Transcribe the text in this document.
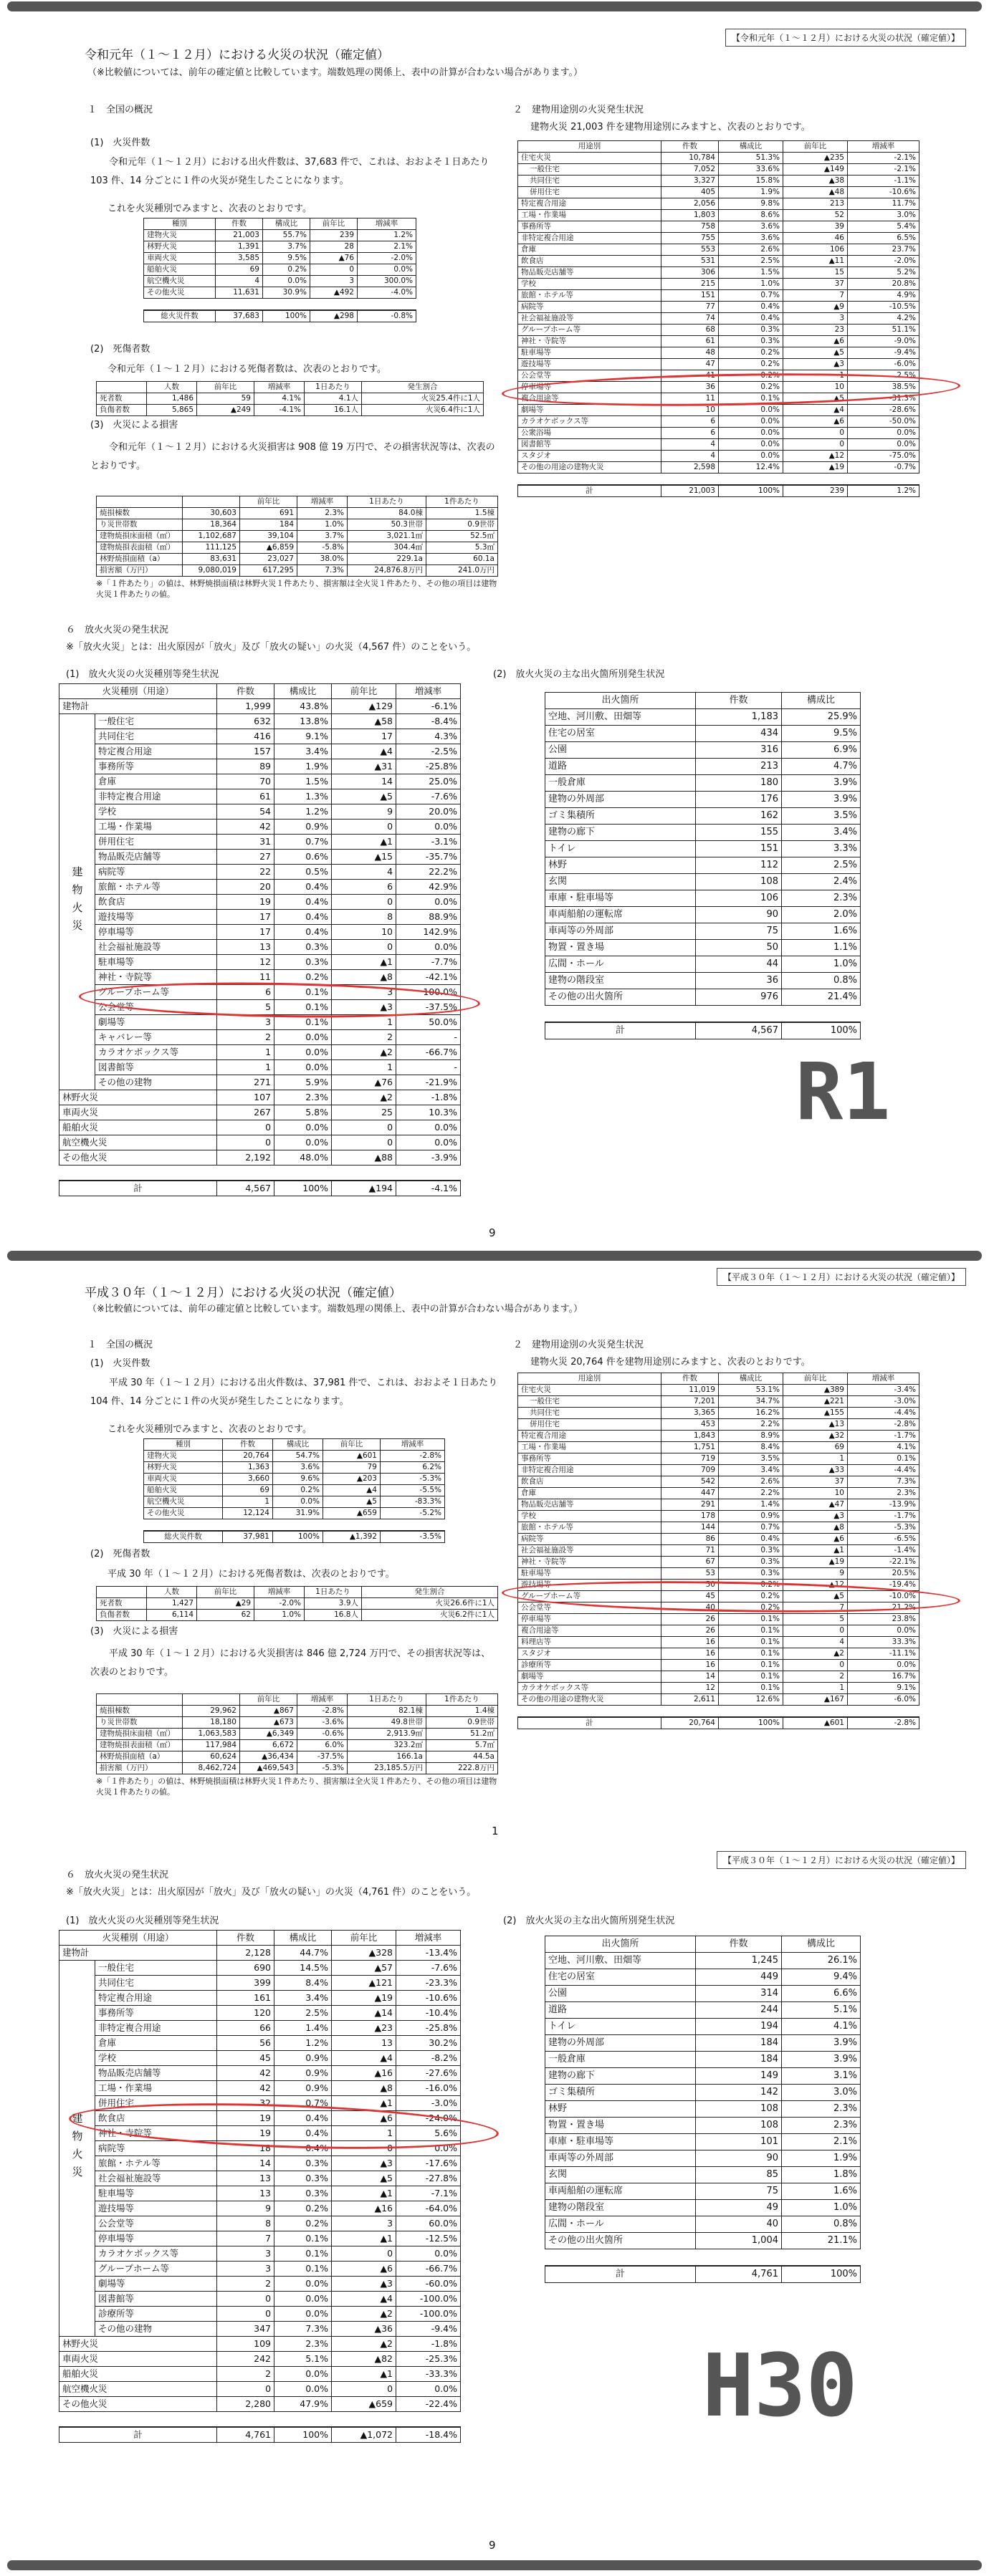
【令和元年（１〜１２月）における火災の状況（確定値）】
令和元年（１〜１２月）における火災の状況（確定値）
（※比較値については、前年の確定値と比較しています。端数処理の関係上、表中の計算が合わない場合があります。）
１　全国の概況
(1)　火災件数
令和元年（１〜１２月）における出火件数は、37,683 件で、これは、おおよそ１日あたり 103 件、14 分ごとに１件の火災が発生したことになります。
これを火災種別でみますと、次表のとおりです。
種別	件数	構成比	前年比	増減率
建物火災	21,003	55.7%	239	1.2%
林野火災	1,391	3.7%	28	2.1%
車両火災	3,585	9.5%	▲76	-2.0%
船舶火災	69	0.2%	0	0.0%
航空機火災	4	0.0%	3	300.0%
その他火災	11,631	30.9%	▲492	-4.0%

総火災件数	37,683	100%	▲298	-0.8%
(2)　死傷者数
令和元年（１〜１２月）における死傷者数は、次表のとおりです。
	人数	前年比	増減率	1日あたり	発生割合
死者数	1,486	59	4.1%	4.1人	火災25.4件に1人
負傷者数	5,865	▲249	-4.1%	16.1人	火災6.4件に1人
(3)　火災による損害
令和元年（１〜１２月）における火災損害は 908 億 19 万円で、その損害状況等は、次表のとおりです。
		前年比	増減率	1日あたり	1件あたり
焼損棟数	30,603	691	2.3%	84.0棟	1.5棟
り災世帯数	18,364	184	1.0%	50.3世帯	0.9世帯
建物焼損床面積（㎡）	1,102,687	39,104	3.7%	3,021.1㎡	52.5㎡
建物焼損表面積（㎡）	111,125	▲6,859	-5.8%	304.4㎡	5.3㎡
林野焼損面積（a）	83,631	23,027	38.0%	229.1a	60.1a
損害額（万円）	9,080,019	617,295	7.3%	24,876.8万円	241.0万円
※「１件あたり」の値は、林野焼損面積は林野火災１件あたり、損害額は全火災１件あたり、その他の項目は建物火災１件あたりの値。
２　建物用途別の火災発生状況
建物火災 21,003 件を建物用途別にみますと、次表のとおりです。
用途別	件数	構成比	前年比	増減率
住宅火災	10,784	51.3%	▲235	-2.1%
一般住宅	7,052	33.6%	▲149	-2.1%
共同住宅	3,327	15.8%	▲38	-1.1%
併用住宅	405	1.9%	▲48	-10.6%
特定複合用途	2,056	9.8%	213	11.7%
工場・作業場	1,803	8.6%	52	3.0%
事務所等	758	3.6%	39	5.4%
非特定複合用途	755	3.6%	46	6.5%
倉庫	553	2.6%	106	23.7%
飲食店	531	2.5%	▲11	-2.0%
物品販売店舗等	306	1.5%	15	5.2%
学校	215	1.0%	37	20.8%
旅館・ホテル等	151	0.7%	7	4.9%
病院等	77	0.4%	▲9	-10.5%
社会福祉施設等	74	0.4%	3	4.2%
グループホーム等	68	0.3%	23	51.1%
神社・寺院等	61	0.3%	▲6	-9.0%
駐車場等	48	0.2%	▲5	-9.4%
遊技場等	47	0.2%	▲3	-6.0%
公会堂等	41	0.2%	1	2.5%
停車場等	36	0.2%	10	38.5%
複合用途等	11	0.1%	▲5	-31.3%
劇場等	10	0.0%	▲4	-28.6%
カラオケボックス等	6	0.0%	▲6	-50.0%
公衆浴場	6	0.0%	0	0.0%
図書館等	4	0.0%	0	0.0%
スタジオ	4	0.0%	▲12	-75.0%
その他の用途の建物火災	2,598	12.4%	▲19	-0.7%

計	21,003	100%	239	1.2%
６　放火火災の発生状況
※「放火火災」とは：出火原因が「放火」及び「放火の疑い」の火災（4,567 件）のことをいう。
(1)　放火火災の火災種別等発生状況
火災種別（用途）		件数	構成比	前年比	増減率
建物計		1,999	43.8%	▲129	-6.1%

建物火災	一般住宅	632	13.8%	▲58	-8.4%
	共同住宅	416	9.1%	17	4.3%
	特定複合用途	157	3.4%	▲4	-2.5%
	事務所等	89	1.9%	▲31	-25.8%
	倉庫	70	1.5%	14	25.0%
	非特定複合用途	61	1.3%	▲5	-7.6%
	学校	54	1.2%	9	20.0%
	工場・作業場	42	0.9%	0	0.0%
	併用住宅	31	0.7%	▲1	-3.1%
	物品販売店舗等	27	0.6%	▲15	-35.7%
	病院等	22	0.5%	4	22.2%
	旅館・ホテル等	20	0.4%	6	42.9%
	飲食店	19	0.4%	0	0.0%
	遊技場等	17	0.4%	8	88.9%
	停車場等	17	0.4%	10	142.9%
	社会福祉施設等	13	0.3%	0	0.0%
	駐車場等	12	0.3%	▲1	-7.7%
	神社・寺院等	11	0.2%	▲8	-42.1%
	グループホーム等	6	0.1%	3	100.0%
	公会堂等	5	0.1%	▲3	-37.5%
	劇場等	3	0.1%	1	50.0%
	キャバレー等	2	0.0%	2	-
	カラオケボックス等	1	0.0%	▲2	-66.7%
	図書館等	1	0.0%	1	-
	その他の建物	271	5.9%	▲76	-21.9%
林野火災		107	2.3%	▲2	-1.8%
車両火災		267	5.8%	25	10.3%
船舶火災		0	0.0%	0	0.0%
航空機火災		0	0.0%	0	0.0%
その他火災		2,192	48.0%	▲88	-3.9%

計		4,567	100%	▲194	-4.1%
(2)　放火火災の主な出火箇所別発生状況
出火箇所	件数	構成比
空地、河川敷、田畑等	1,183	25.9%
住宅の居室	434	9.5%
公園	316	6.9%
道路	213	4.7%
一般倉庫	180	3.9%
建物の外周部	176	3.9%
ゴミ集積所	162	3.5%
建物の廊下	155	3.4%
トイレ	151	3.3%
林野	112	2.5%
玄関	108	2.4%
車庫・駐車場等	106	2.3%
車両船舶の運転席	90	2.0%
車両等の外周部	75	1.6%
物置・置き場	50	1.1%
広間・ホール	44	1.0%
建物の階段室	36	0.8%
その他の出火箇所	976	21.4%

計	4,567	100%
R1
9
【平成３０年（１〜１２月）における火災の状況（確定値）】
平成３０年（１〜１２月）における火災の状況（確定値）
（※比較値については、前年の確定値と比較しています。端数処理の関係上、表中の計算が合わない場合があります。）
１　全国の概況
(1)　火災件数
平成 30 年（１〜１２月）における出火件数は、37,981 件で、これは、おおよそ１日あたり 104 件、14 分ごとに１件の火災が発生したことになります。
これを火災種別でみますと、次表のとおりです。
種別	件数	構成比	前年比	増減率
建物火災	20,764	54.7%	▲601	-2.8%
林野火災	1,363	3.6%	79	6.2%
車両火災	3,660	9.6%	▲203	-5.3%
船舶火災	69	0.2%	▲4	-5.5%
航空機火災	1	0.0%	▲5	-83.3%
その他火災	12,124	31.9%	▲659	-5.2%

総火災件数	37,981	100%	▲1,392	-3.5%
(2)　死傷者数
平成 30 年（１〜１２月）における死傷者数は、次表のとおりです。
	人数	前年比	増減率	1日あたり	発生割合
死者数	1,427	▲29	-2.0%	3.9人	火災26.6件に1人
負傷者数	6,114	62	1.0%	16.8人	火災6.2件に1人
(3)　火災による損害
平成 30 年（１〜１２月）における火災損害は 846 億 2,724 万円で、その損害状況等は、次表のとおりです。
		前年比	増減率	1日あたり	1件あたり
焼損棟数	29,962	▲867	-2.8%	82.1棟	1.4棟
り災世帯数	18,180	▲673	-3.6%	49.8世帯	0.9世帯
建物焼損床面積（㎡）	1,063,583	▲6,349	-0.6%	2,913.9㎡	51.2㎡
建物焼損表面積（㎡）	117,984	6,672	6.0%	323.2㎡	5.7㎡
林野焼損面積（a）	60,624	▲36,434	-37.5%	166.1a	44.5a
損害額（万円）	8,462,724	▲469,543	-5.3%	23,185.5万円	222.8万円
※「１件あたり」の値は、林野焼損面積は林野火災１件あたり、損害額は全火災１件あたり、その他の項目は建物火災１件あたりの値。
２　建物用途別の火災発生状況
建物火災 20,764 件を建物用途別にみますと、次表のとおりです。
用途別	件数	構成比	前年比	増減率
住宅火災	11,019	53.1%	▲389	-3.4%
一般住宅	7,201	34.7%	▲221	-3.0%
共同住宅	3,365	16.2%	▲155	-4.4%
併用住宅	453	2.2%	▲13	-2.8%
特定複合用途	1,843	8.9%	▲32	-1.7%
工場・作業場	1,751	8.4%	69	4.1%
事務所等	719	3.5%	1	0.1%
非特定複合用途	709	3.4%	▲33	-4.4%
飲食店	542	2.6%	37	7.3%
倉庫	447	2.2%	10	2.3%
物品販売店舗等	291	1.4%	▲47	-13.9%
学校	178	0.9%	▲3	-1.7%
旅館・ホテル等	144	0.7%	▲8	-5.3%
病院等	86	0.4%	▲6	-6.5%
社会福祉施設等	71	0.3%	▲1	-1.4%
神社・寺院等	67	0.3%	▲19	-22.1%
駐車場等	53	0.3%	9	20.5%
遊技場等	50	0.2%	▲12	-19.4%
グループホーム等	45	0.2%	▲5	-10.0%
公会堂等	40	0.2%	7	21.2%
停車場等	26	0.1%	5	23.8%
複合用途等	26	0.1%	0	0.0%
料理店等	16	0.1%	4	33.3%
スタジオ	16	0.1%	▲2	-11.1%
診療所等	16	0.1%	0	0.0%
劇場等	14	0.1%	2	16.7%
カラオケボックス等	12	0.1%	1	9.1%
その他の用途の建物火災	2,611	12.6%	▲167	-6.0%

計	20,764	100%	▲601	-2.8%
1
【平成３０年（１〜１２月）における火災の状況（確定値）】
６　放火火災の発生状況
※「放火火災」とは：出火原因が「放火」及び「放火の疑い」の火災（4,761 件）のことをいう。
(1)　放火火災の火災種別等発生状況
火災種別（用途）		件数	構成比	前年比	増減率
建物計		2,128	44.7%	▲328	-13.4%

建物火災	一般住宅	690	14.5%	▲57	-7.6%
	共同住宅	399	8.4%	▲121	-23.3%
	特定複合用途	161	3.4%	▲19	-10.6%
	事務所等	120	2.5%	▲14	-10.4%
	非特定複合用途	66	1.4%	▲23	-25.8%
	倉庫	56	1.2%	13	30.2%
	学校	45	0.9%	▲4	-8.2%
	物品販売店舗等	42	0.9%	▲16	-27.6%
	工場・作業場	42	0.9%	▲8	-16.0%
	併用住宅	32	0.7%	▲1	-3.0%
	飲食店	19	0.4%	▲6	-24.0%
	神社・寺院等	19	0.4%	1	5.6%
	病院等	18	0.4%	0	0.0%
	旅館・ホテル等	14	0.3%	▲3	-17.6%
	社会福祉施設等	13	0.3%	▲5	-27.8%
	駐車場等	13	0.3%	▲1	-7.1%
	遊技場等	9	0.2%	▲16	-64.0%
	公会堂等	8	0.2%	3	60.0%
	停車場等	7	0.1%	▲1	-12.5%
	カラオケボックス等	3	0.1%	0	0.0%
	グループホーム等	3	0.1%	▲6	-66.7%
	劇場等	2	0.0%	▲3	-60.0%
	図書館等	0	0.0%	▲4	-100.0%
	診療所等	0	0.0%	▲2	-100.0%
	その他の建物	347	7.3%	▲36	-9.4%
林野火災		109	2.3%	▲2	-1.8%
車両火災		242	5.1%	▲82	-25.3%
船舶火災		2	0.0%	▲1	-33.3%
航空機火災		0	0.0%	0	0.0%
その他火災		2,280	47.9%	▲659	-22.4%

計		4,761	100%	▲1,072	-18.4%
(2)　放火火災の主な出火箇所別発生状況
出火箇所	件数	構成比
空地、河川敷、田畑等	1,245	26.1%
住宅の居室	449	9.4%
公園	314	6.6%
道路	244	5.1%
トイレ	194	4.1%
建物の外周部	184	3.9%
一般倉庫	184	3.9%
建物の廊下	149	3.1%
ゴミ集積所	142	3.0%
林野	108	2.3%
物置・置き場	108	2.3%
車庫・駐車場等	101	2.1%
車両等の外周部	90	1.9%
玄関	85	1.8%
車両船舶の運転席	75	1.6%
建物の階段室	49	1.0%
広間・ホール	40	0.8%
その他の出火箇所	1,004	21.1%

計	4,761	100%
H30
9
